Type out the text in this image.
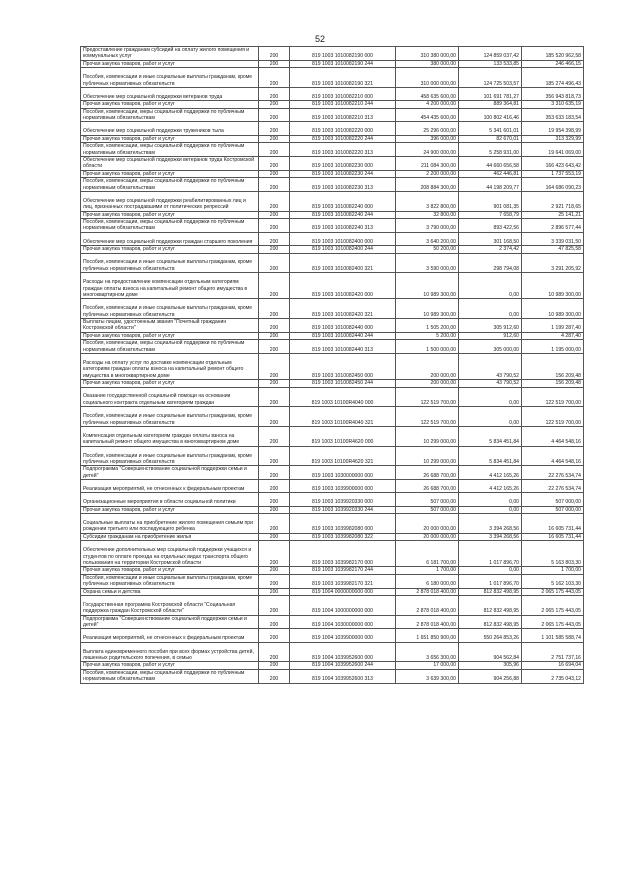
52
Предоставление гражданам субсидий на оплату жилого помещения и коммунальных услуг	200	819 1003 1010082190 000	310 380 000,00	124 859 037,42	185 520 962,58
Прочая закупка товаров, работ и услуг	200	819 1003 1010082190 244	380 000,00	133 533,85	246 466,15
Пособия, компенсации и иные социальные выплаты гражданам, кроме публичных нормативных обязательств	200	819 1003 1010082190 321	310 000 000,00	124 725 503,57	185 274 496,43
Обеспечение мер социальной поддержки ветеранов труда	200	819 1003 1010082210 000	458 635 600,00	101 691 781,27	356 943 818,73
Прочая закупка товаров, работ и услуг	200	819 1003 1010082210 244	4 200 000,00	889 364,81	3 310 635,19
Пособия, компенсации, меры социальной поддержки по публичным нормативным обязательствам	200	819 1003 1010082210 313	454 435 600,00	100 802 416,46	353 633 183,54
Обеспечение мер социальной поддержки тружеников тыла	200	819 1003 1010082220 000	25 296 000,00	5 341 601,01	19 954 398,99
Прочая закупка товаров, работ и услуг	200	819 1003 1010082220 244	396 000,00	82 670,01	313 329,99
Пособия, компенсации, меры социальной поддержки по публичным нормативным обязательствам	200	819 1003 1010082220 313	24 900 000,00	5 258 931,00	19 641 069,00
Обеспечение мер социальной поддержки ветеранов труда Костромской области	200	819 1003 1010082230 000	211 084 300,00	44 660 656,58	166 423 643,42
Прочая закупка товаров, работ и услуг	200	819 1003 1010082230 244	2 200 000,00	462 446,81	1 737 553,19
Пособия, компенсации, меры социальной поддержки по публичным нормативным обязательствам	200	819 1003 1010082230 313	208 884 300,00	44 198 209,77	164 686 090,23
Обеспечение мер социальной поддержки реабилитированных лиц и лиц, признанных пострадавшими от политических репрессий	200	819 1003 1010082240 000	3 822 800,00	901 081,35	2 921 718,65
Прочая закупка товаров, работ и услуг	200	819 1003 1010082240 244	32 800,00	7 658,79	25 141,21
Пособия, компенсации, меры социальной поддержки по публичным нормативным обязательствам	200	819 1003 1010082240 313	3 790 000,00	893 422,56	2 896 577,44
Обеспечение мер социальной поддержки граждан старшего поколения	200	819 1003 1010082400 000	3 640 200,00	301 168,50	3 339 031,50
Прочая закупка товаров, работ и услуг	200	819 1003 1010082400 244	50 200,00	2 374,42	47 825,58
Пособия, компенсации и иные социальные выплаты гражданам, кроме публичных нормативных обязательств	200	819 1003 1010082400 321	3 590 000,00	298 794,08	3 291 205,92
Расходы на предоставление компенсации отдельным категориям граждан оплаты взноса на капитальный ремонт общего имущества в многоквартирном доме	200	819 1003 1010082420 000	10 989 300,00	0,00	10 989 300,00
Пособия, компенсации и иные социальные выплаты гражданам, кроме публичных нормативных обязательств	200	819 1003 1010082420 321	10 989 300,00	0,00	10 989 300,00
Выплаты лицам, удостоенным звания "Почетный гражданин Костромской области"	200	819 1003 1010082440 000	1 505 200,00	305 912,60	1 199 287,40
Прочая закупка товаров, работ и услуг	200	819 1003 1010082440 244	5 200,00	912,60	4 287,40
Пособия, компенсации, меры социальной поддержки по публичным нормативным обязательствам	200	819 1003 1010082440 313	1 500 000,00	305 000,00	1 195 000,00
Расходы на оплату услуг по доставке компенсации отдельным категориям граждан оплаты взноса на капитальный ремонт общего имущества в многоквартирном доме	200	819 1003 1010082450 000	200 000,00	43 790,52	156 209,48
Прочая закупка товаров, работ и услуг	200	819 1003 1010082450 244	200 000,00	43 790,52	156 209,48
Оказание государственной социальной помощи на основании социального контракта отдельным категориям граждан	200	819 1003 10100R4040 000	122 519 700,00	0,00	122 519 700,00
Пособия, компенсации и иные социальные выплаты гражданам, кроме публичных нормативных обязательств	200	819 1003 10100R4040 321	122 519 700,00	0,00	122 519 700,00
Компенсация отдельным категориям граждан оплаты взноса на капитальный ремонт общего имущества в многоквартирном доме	200	819 1003 10100R4620 000	10 299 000,00	5 834 451,84	4 464 548,16
Пособия, компенсации и иные социальные выплаты гражданам, кроме публичных нормативных обязательств	200	819 1003 10100R4620 321	10 299 000,00	5 834 451,84	4 464 548,16
Подпрограмма "Совершенствование социальной поддержки семьи и детей"	200	819 1003 1030000000 000	26 688 700,00	4 412 165,26	22 276 534,74
Реализация мероприятий, не отнесенных к федеральным проектам	200	819 1003 1039900000 000	26 688 700,00	4 412 165,26	22 276 534,74
Организационные мероприятия в области социальной политики	200	819 1003 1039920330 000	507 000,00	0,00	507 000,00
Прочая закупка товаров, работ и услуг	200	819 1003 1039920330 244	507 000,00	0,00	507 000,00
Социальные выплаты на приобретение жилого помещения семьям при рождении третьего или последующего ребенка	200	819 1003 1039982080 000	20 000 000,00	3 394 268,56	16 605 731,44
Субсидии гражданам на приобретение жилья	200	819 1003 1039982080 322	20 000 000,00	3 394 268,56	16 605 731,44
Обеспечение дополнительных мер социальной поддержки учащихся и студентов по оплате проезда на отдельных видах транспорта общего пользования на территории Костромской области	200	819 1003 1039982170 000	6 181 700,00	1 017 896,70	5 163 803,30
Прочая закупка товаров, работ и услуг	200	819 1003 1039982170 244	1 700,00	0,00	1 700,00
Пособия, компенсации и иные социальные выплаты гражданам, кроме публичных нормативных обязательств	200	819 1003 1039982170 321	6 180 000,00	1 017 896,70	5 162 103,30
Охрана семьи и детства	200	819 1004 0000000000 000	2 878 018 400,00	812 832 498,95	2 065 175 443,05
Государственная программа Костромской области "Социальная поддержка граждан Костромской области"	200	819 1004 1000000000 000	2 878 018 400,00	812 832 498,95	2 065 175 443,05
Подпрограмма "Совершенствование социальной поддержки семьи и детей"	200	819 1004 1030000000 000	2 878 018 400,00	812 832 498,95	2 065 175 443,05
Реализация мероприятий, не отнесенных к федеральным проектам	200	819 1004 1039900000 000	1 651 850 900,00	550 264 853,26	1 101 585 588,74
Выплата единовременного пособия при всех формах устройства детей, лишенных родительского попечения, в семью	200	819 1004 1039952600 000	3 656 300,00	904 562,84	2 751 737,16
Прочая закупка товаров, работ и услуг	200	819 1004 1039952600 244	17 000,00	305,96	16 694,04
Пособия, компенсации, меры социальной поддержки по публичным нормативным обязательствам	200	819 1004 1039952600 313	3 639 300,00	904 256,88	2 735 043,12
